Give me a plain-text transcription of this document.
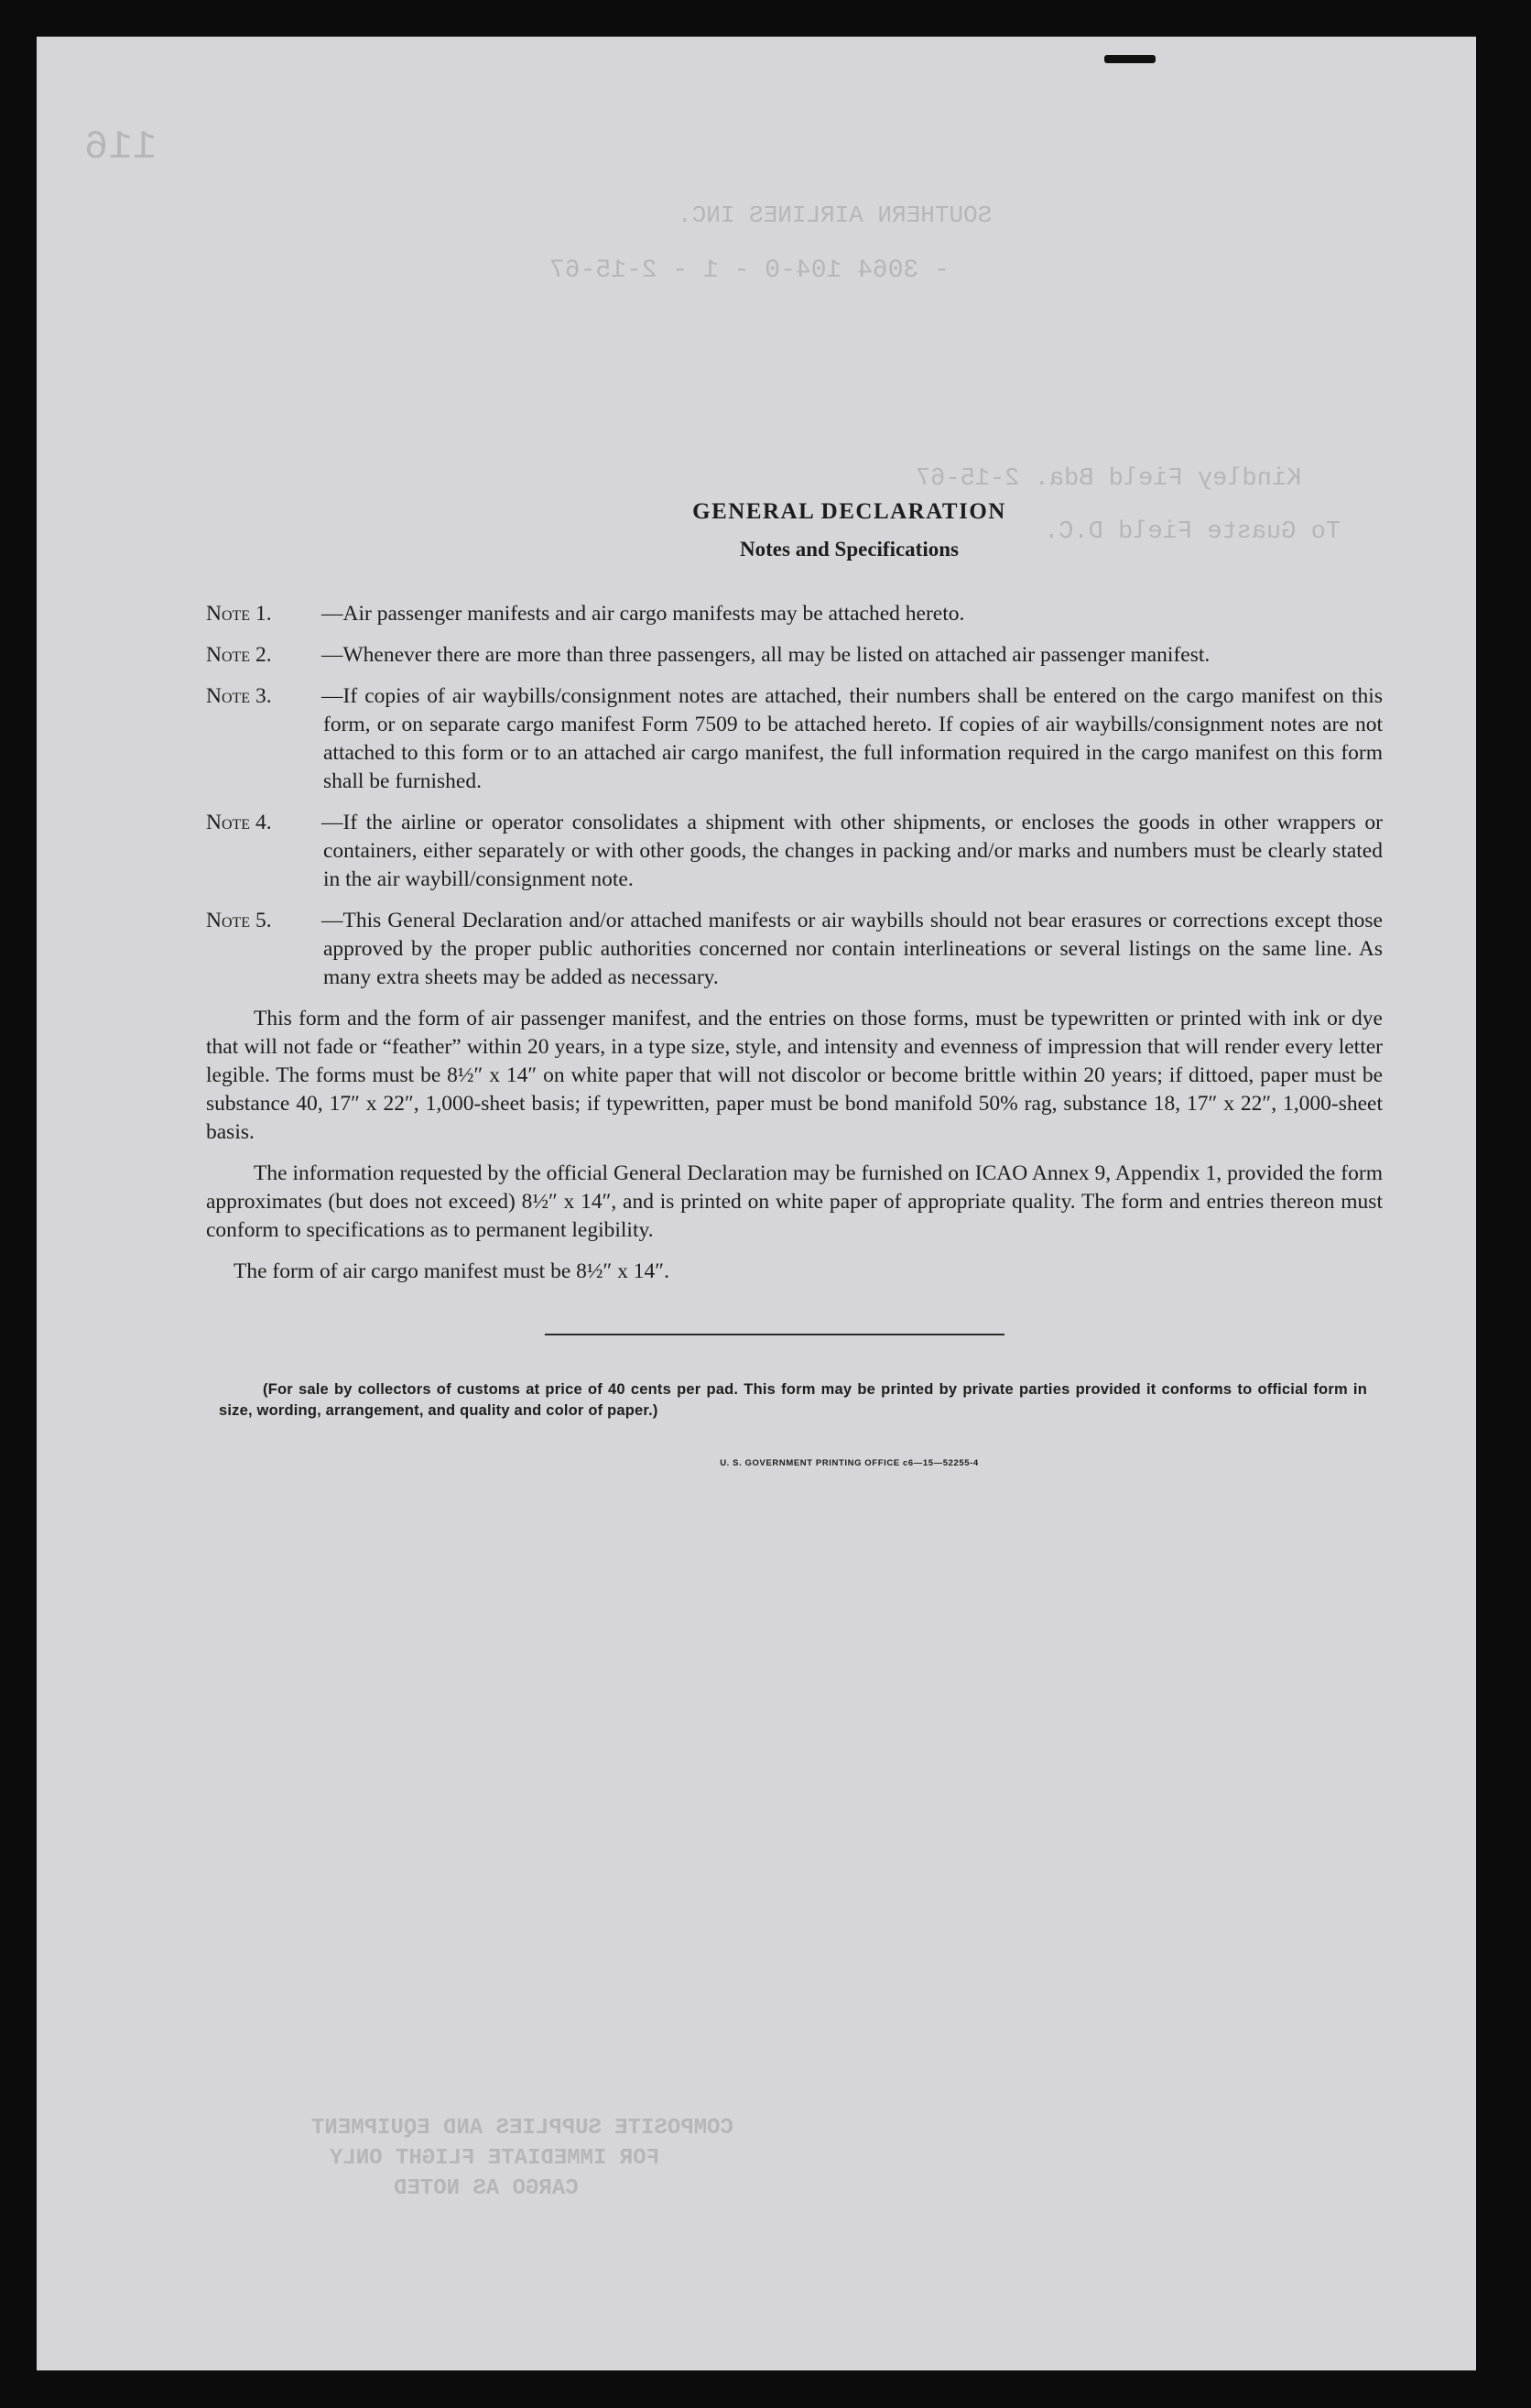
116
SOUTHERN AIRLINES INC.
- 3064 104-0 - 1 - 2-15-67
Kindley Field Bda. 2-15-67
To Guaste Field D.C.
COMPOSITE SUPPLIES AND EQUIPMENT
FOR IMMEDIATE FLIGHT ONLY
CARGO AS NOTED
GENERAL DECLARATION
Notes and Specifications
Note 1.	—Air passenger manifests and air cargo manifests may be attached hereto.
Note 2.	—Whenever there are more than three passengers, all may be listed on attached air passenger manifest.
Note 3.	—If copies of air waybills/consignment notes are attached, their numbers shall be entered on the cargo manifest on this form, or on separate cargo manifest Form 7509 to be attached hereto. If copies of air waybills/consignment notes are not attached to this form or to an attached air cargo manifest, the full information required in the cargo manifest on this form shall be furnished.
Note 4.	—If the airline or operator consolidates a shipment with other shipments, or encloses the goods in other wrappers or containers, either separately or with other goods, the changes in packing and/or marks and numbers must be clearly stated in the air waybill/consignment note.
Note 5.	—This General Declaration and/or attached manifests or air waybills should not bear erasures or corrections except those approved by the proper public authorities concerned nor contain interlineations or several listings on the same line. As many extra sheets may be added as necessary.

This form and the form of air passenger manifest, and the entries on those forms, must be typewritten or printed with ink or dye that will not fade or “feather” within 20 years, in a type size, style, and intensity and evenness of impression that will render every letter legible. The forms must be 8½″ x 14″ on white paper that will not discolor or become brittle within 20 years; if dittoed, paper must be substance 40, 17″ x 22″, 1,000-sheet basis; if typewritten, paper must be bond manifold 50% rag, substance 18, 17″ x 22″, 1,000-sheet basis.

The information requested by the official General Declaration may be furnished on ICAO Annex 9, Appendix 1, provided the form approximates (but does not exceed) 8½″ x 14″, and is printed on white paper of appropriate quality. The form and entries thereon must conform to specifications as to permanent legibility.

The form of air cargo manifest must be 8½″ x 14″.

(For sale by collectors of customs at price of 40 cents per pad. This form may be printed by private parties provided it conforms to official form in size, wording, arrangement, and quality and color of paper.)
U. S. GOVERNMENT PRINTING OFFICE c6—15—52255-4
